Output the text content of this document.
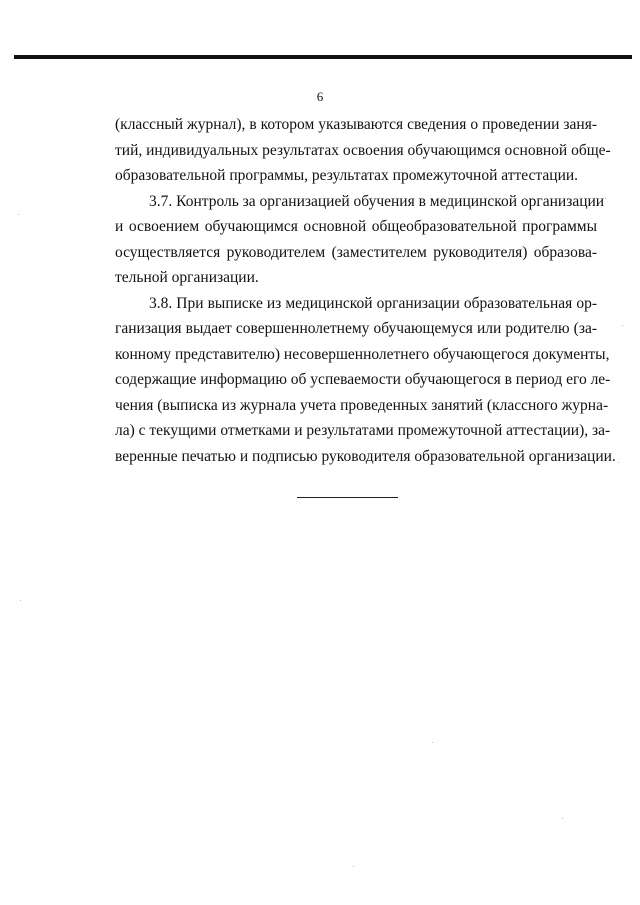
6
(классный журнал), в котором указываются сведения о проведении заня-
тий, индивидуальных результатах освоения обучающимся основной обще-
образовательной программы, результатах промежуточной аттестации.
3.7. Контроль за организацией обучения в медицинской организации
и освоением обучающимся основной общеобразовательной программы
осуществляется руководителем (заместителем руководителя) образова-
тельной организации.
3.8. При выписке из медицинской организации образовательная ор-
ганизация выдает совершеннолетнему обучающемуся или родителю (за-
конному представителю) несовершеннолетнего обучающегося документы,
содержащие информацию об успеваемости обучающегося в период его ле-
чения (выписка из журнала учета проведенных занятий (классного журна-
ла) с текущими отметками и результатами промежуточной аттестации), за-
веренные печатью и подписью руководителя образовательной организации.
